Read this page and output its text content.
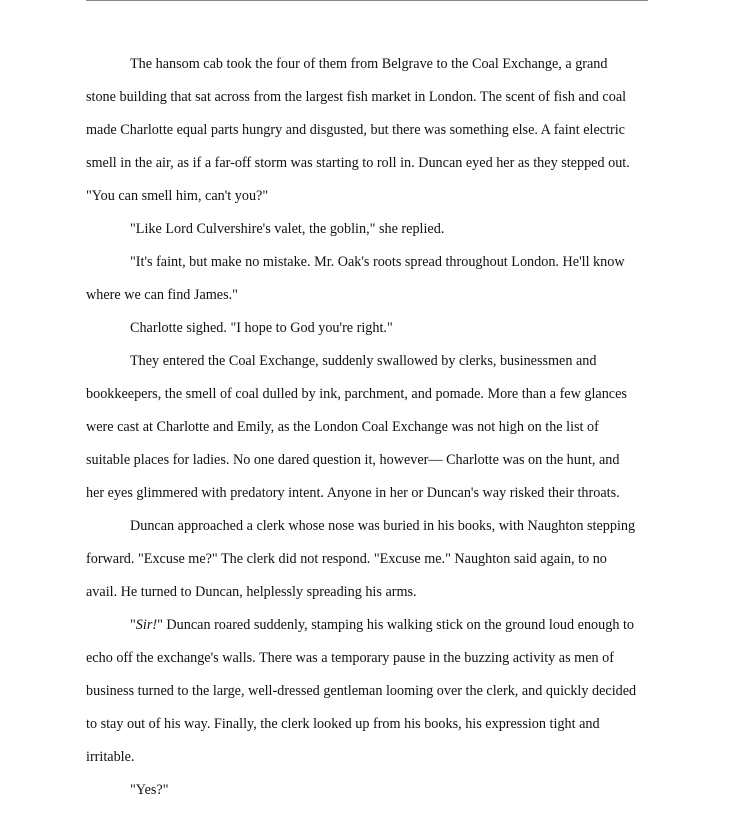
The hansom cab took the four of them from Belgrave to the Coal Exchange, a grand
stone building that sat across from the largest fish market in London. The scent of fish and coal
made Charlotte equal parts hungry and disgusted, but there was something else. A faint electric
smell in the air, as if a far-off storm was starting to roll in. Duncan eyed her as they stepped out.
"You can smell him, can't you?"

"Like Lord Culvershire's valet, the goblin," she replied.

"It's faint, but make no mistake. Mr. Oak's roots spread throughout London. He'll know
where we can find James."

Charlotte sighed. "I hope to God you're right."

They entered the Coal Exchange, suddenly swallowed by clerks, businessmen and
bookkeepers, the smell of coal dulled by ink, parchment, and pomade. More than a few glances
were cast at Charlotte and Emily, as the London Coal Exchange was not high on the list of
suitable places for ladies. No one dared question it, however— Charlotte was on the hunt, and
her eyes glimmered with predatory intent. Anyone in her or Duncan's way risked their throats.

Duncan approached a clerk whose nose was buried in his books, with Naughton stepping
forward. "Excuse me?" The clerk did not respond. "Excuse me." Naughton said again, to no
avail. He turned to Duncan, helplessly spreading his arms.

"Sir!" Duncan roared suddenly, stamping his walking stick on the ground loud enough to
echo off the exchange's walls. There was a temporary pause in the buzzing activity as men of
business turned to the large, well-dressed gentleman looming over the clerk, and quickly decided
to stay out of his way. Finally, the clerk looked up from his books, his expression tight and
irritable.

"Yes?"
